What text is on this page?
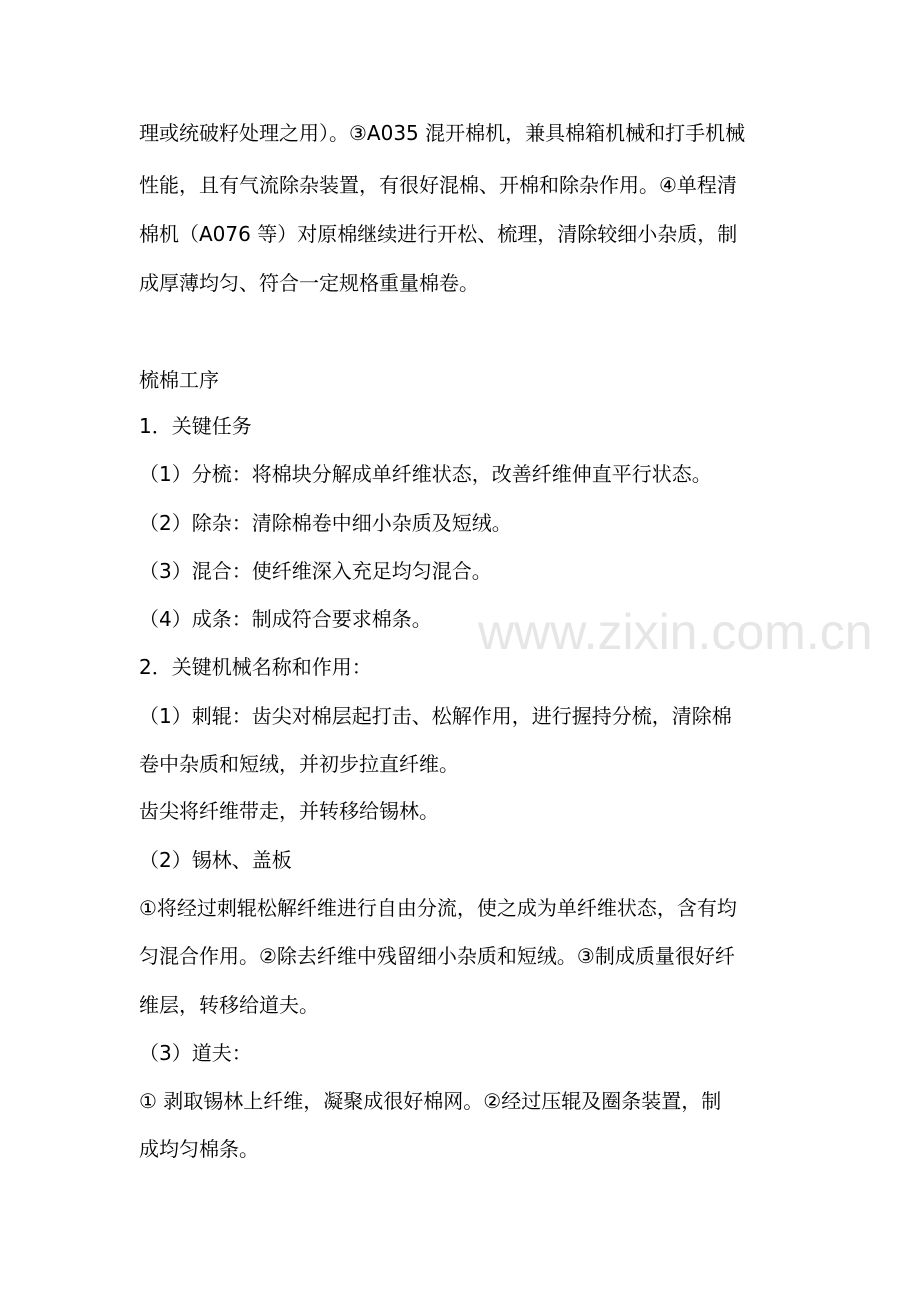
www.zixin.com.cn
理或统破籽处理之用）。③A035 混开棉机，兼具棉箱机械和打手机械
性能，且有气流除杂装置，有很好混棉、开棉和除杂作用。④单程清
棉机（A076 等）对原棉继续进行开松、梳理，清除较细小杂质，制
成厚薄均匀、符合一定规格重量棉卷。
梳棉工序
1．关键任务
（1）分梳：将棉块分解成单纤维状态，改善纤维伸直平行状态。
（2）除杂：清除棉卷中细小杂质及短绒。
（3）混合：使纤维深入充足均匀混合。
（4）成条：制成符合要求棉条。
2．关键机械名称和作用：
（1）刺辊：齿尖对棉层起打击、松解作用，进行握持分梳，清除棉
卷中杂质和短绒，并初步拉直纤维。
齿尖将纤维带走，并转移给锡林。
（2）锡林、盖板
①将经过刺辊松解纤维进行自由分流，使之成为单纤维状态，含有均
匀混合作用。②除去纤维中残留细小杂质和短绒。③制成质量很好纤
维层，转移给道夫。
（3）道夫：
① 剥取锡林上纤维，凝聚成很好棉网。②经过压辊及圈条装置，制
成均匀棉条。
